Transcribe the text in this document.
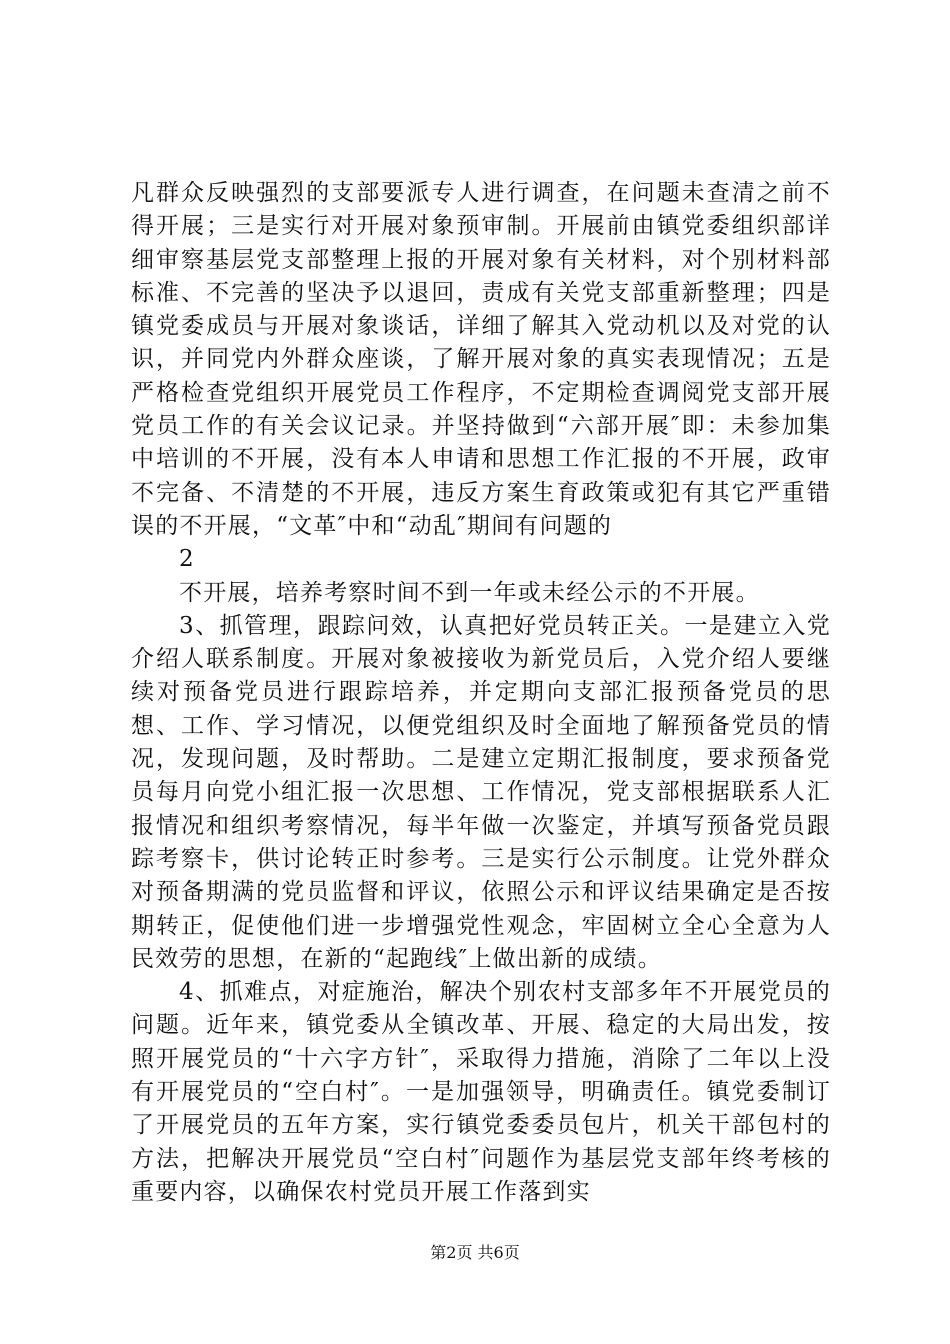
凡群众反映强烈的支部要派专人进行调查，在问题未查清之前不得开展；三是实行对开展对象预审制。开展前由镇党委组织部详细审察基层党支部整理上报的开展对象有关材料，对个别材料部标准、不完善的坚决予以退回，责成有关党支部重新整理；四是镇党委成员与开展对象谈话，详细了解其入党动机以及对党的认识，并同党内外群众座谈，了解开展对象的真实表现情况；五是严格检查党组织开展党员工作程序，不定期检查调阅党支部开展党员工作的有关会议记录。并坚持做到“六部开展″即：未参加集中培训的不开展，没有本人申请和思想工作汇报的不开展，政审不完备、不清楚的不开展，违反方案生育政策或犯有其它严重错误的不开展，“文革″中和“动乱″期间有问题的

2

不开展，培养考察时间不到一年或未经公示的不开展。

3、抓管理，跟踪问效，认真把好党员转正关。一是建立入党介绍人联系制度。开展对象被接收为新党员后，入党介绍人要继续对预备党员进行跟踪培养，并定期向支部汇报预备党员的思想、工作、学习情况，以便党组织及时全面地了解预备党员的情况，发现问题，及时帮助。二是建立定期汇报制度，要求预备党员每月向党小组汇报一次思想、工作情况，党支部根据联系人汇报情况和组织考察情况，每半年做一次鉴定，并填写预备党员跟踪考察卡，供讨论转正时参考。三是实行公示制度。让党外群众对预备期满的党员监督和评议，依照公示和评议结果确定是否按期转正，促使他们进一步增强党性观念，牢固树立全心全意为人民效劳的思想，在新的“起跑线″上做出新的成绩。

4、抓难点，对症施治，解决个别农村支部多年不开展党员的问题。近年来，镇党委从全镇改革、开展、稳定的大局出发，按照开展党员的“十六字方针″，采取得力措施，消除了二年以上没有开展党员的“空白村″。一是加强领导，明确责任。镇党委制订了开展党员的五年方案，实行镇党委委员包片，机关干部包村的方法，把解决开展党员“空白村″问题作为基层党支部年终考核的重要内容，以确保农村党员开展工作落到实

第2页 共6页
